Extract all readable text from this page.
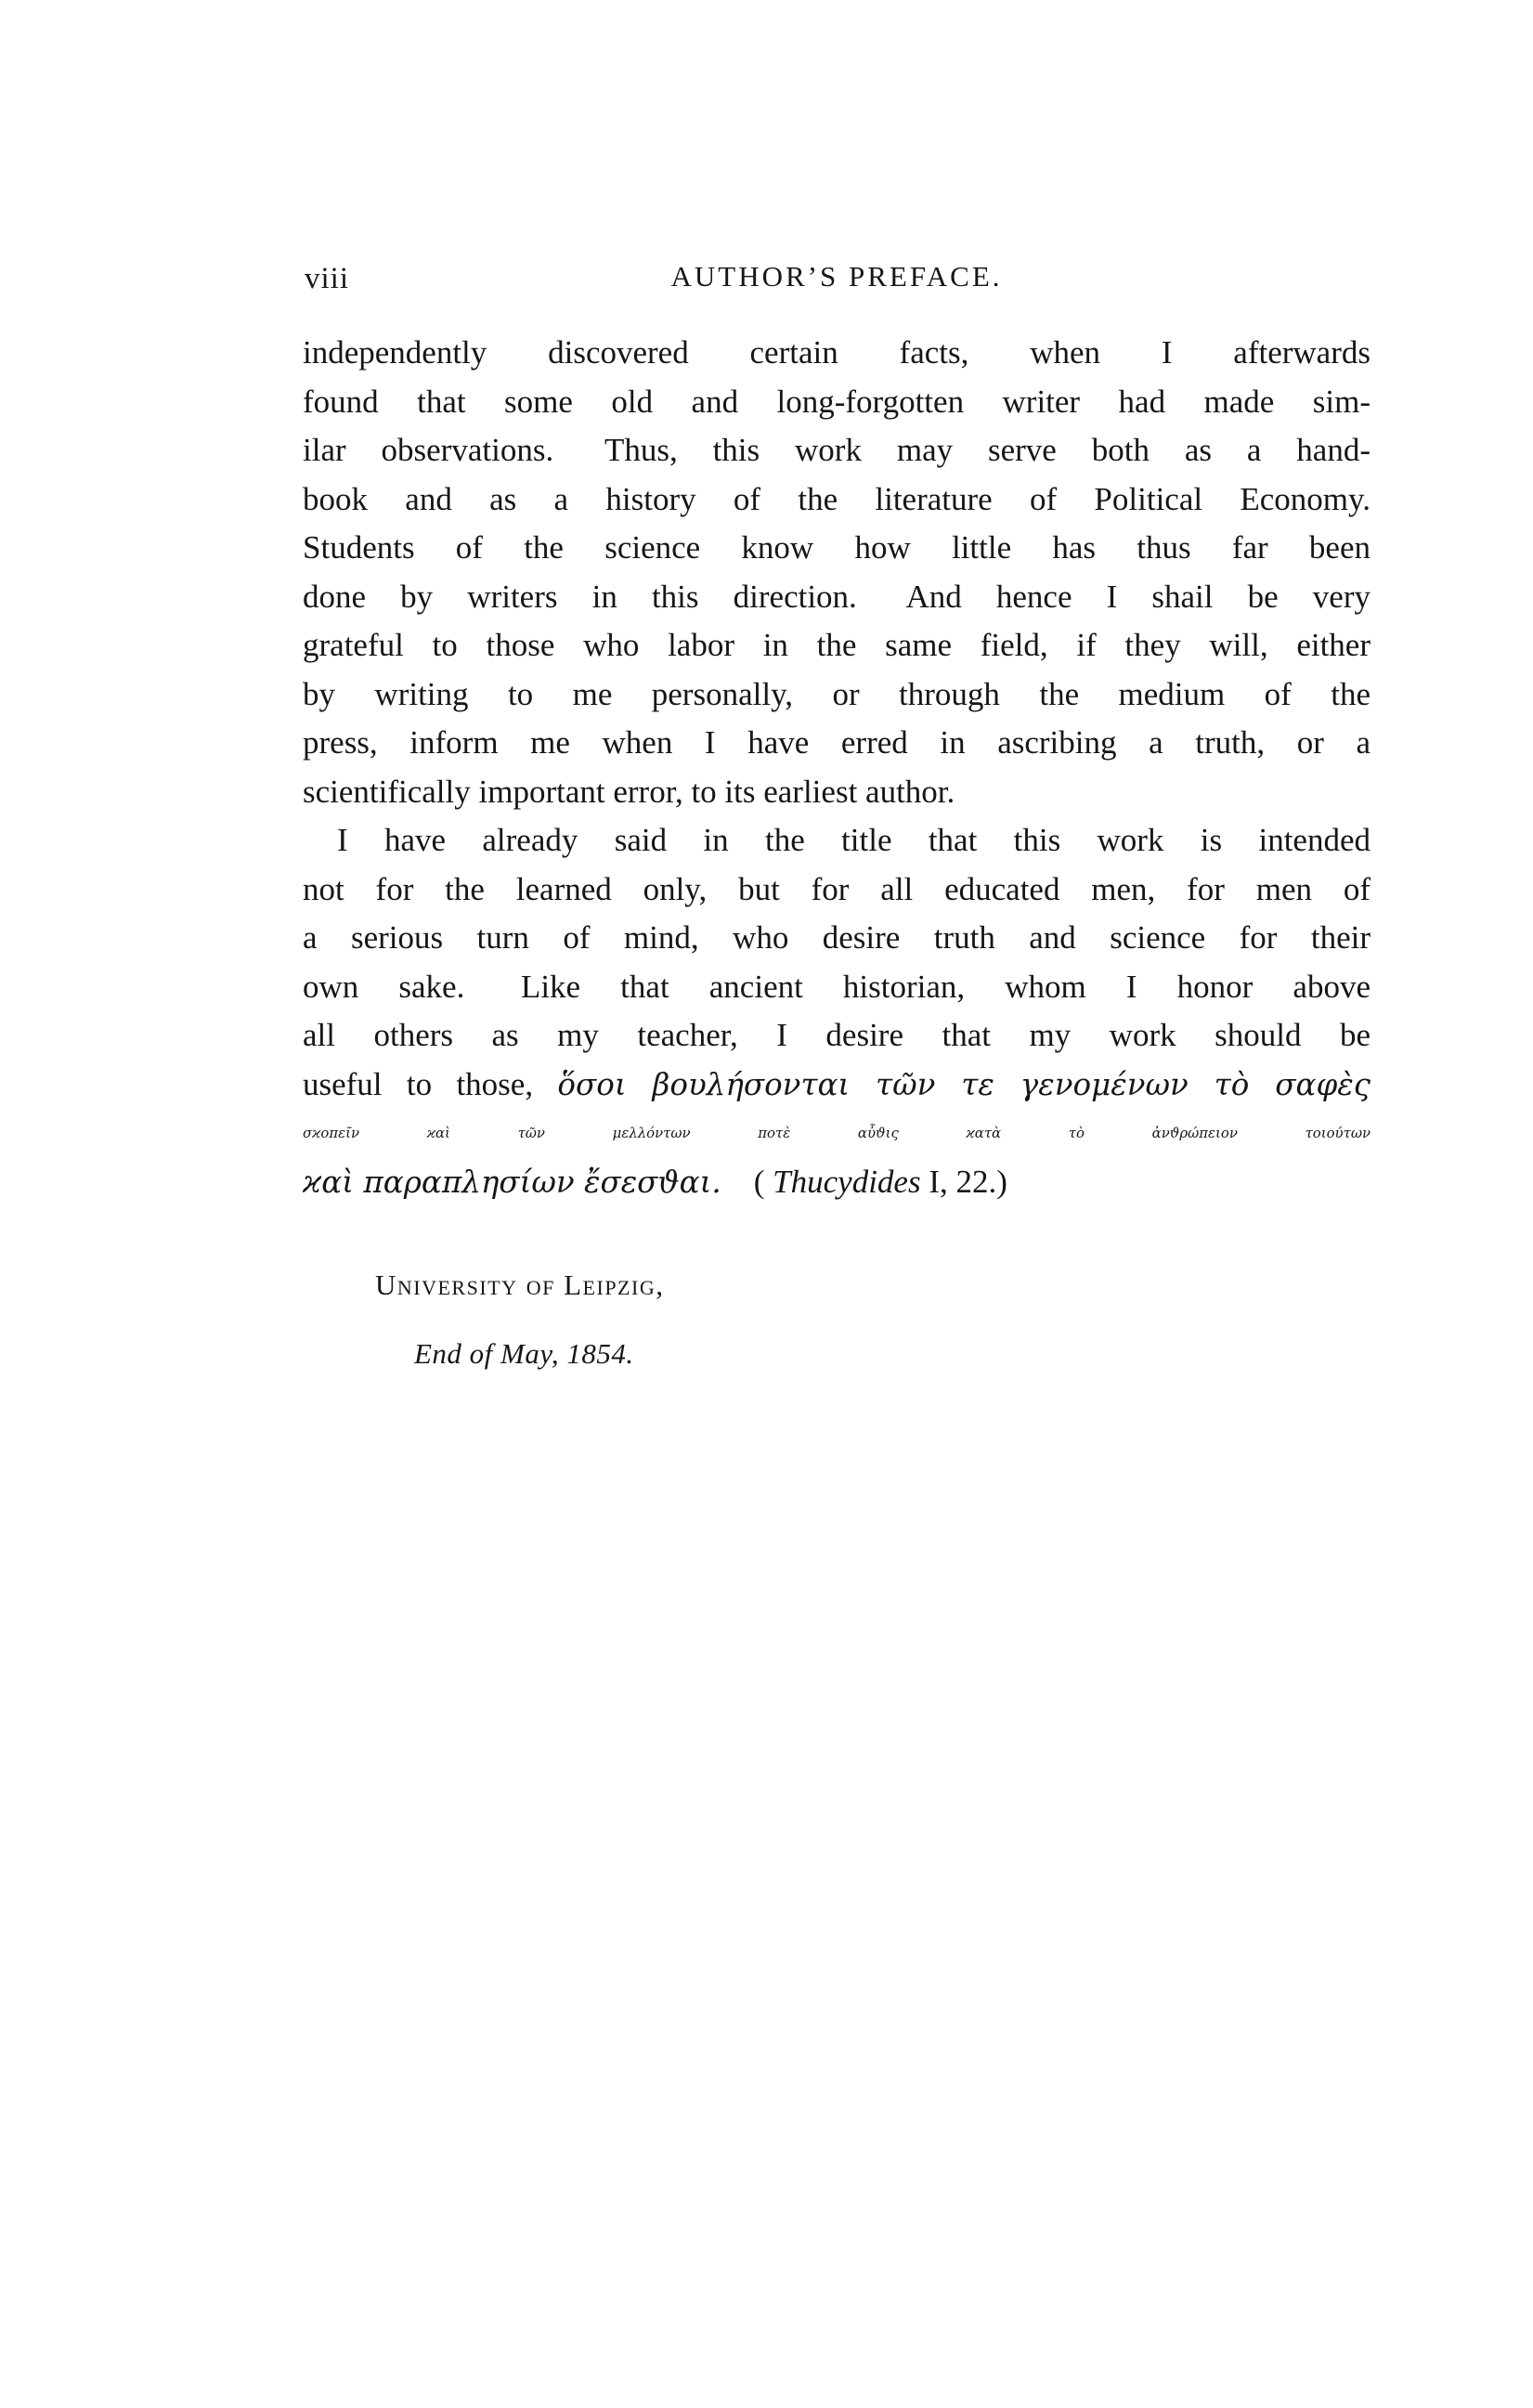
viii	AUTHOR’S PREFACE.
independently discovered certain facts, when I afterwards
found that some old and long-forgotten writer had made sim-
ilar observations.  Thus, this work may serve both as a hand-
book and as a history of the literature of Political Economy.
Students of the science know how little has thus far been
done by writers in this direction.  And hence I shail be very
grateful to those who labor in the same field, if they will, either
by writing to me personally, or through the medium of the
press, inform me when I have erred in ascribing a truth, or a
scientifically important error, to its earliest author.
I have already said in the title that this work is intended
not for the learned only, but for all educated men, for men of
a serious turn of mind, who desire truth and science for their
own sake.  Like that ancient historian, whom I honor above
all others as my teacher, I desire that my work should be
useful to those, ὅσοι βουλήσονται τῶν τε γενομένων τὸ σαφὲς
σϰοπεῖν ϰαὶ τῶν μελλόντων ποτὲ αὖϑις ϰατὰ τὸ ἀνϑρώπειον τοιούτων
ϰαὶ παραπλησίων ἔσεσϑαι. ( Thucydides I, 22.)
University of Leipzig,
End of May, 1854.
